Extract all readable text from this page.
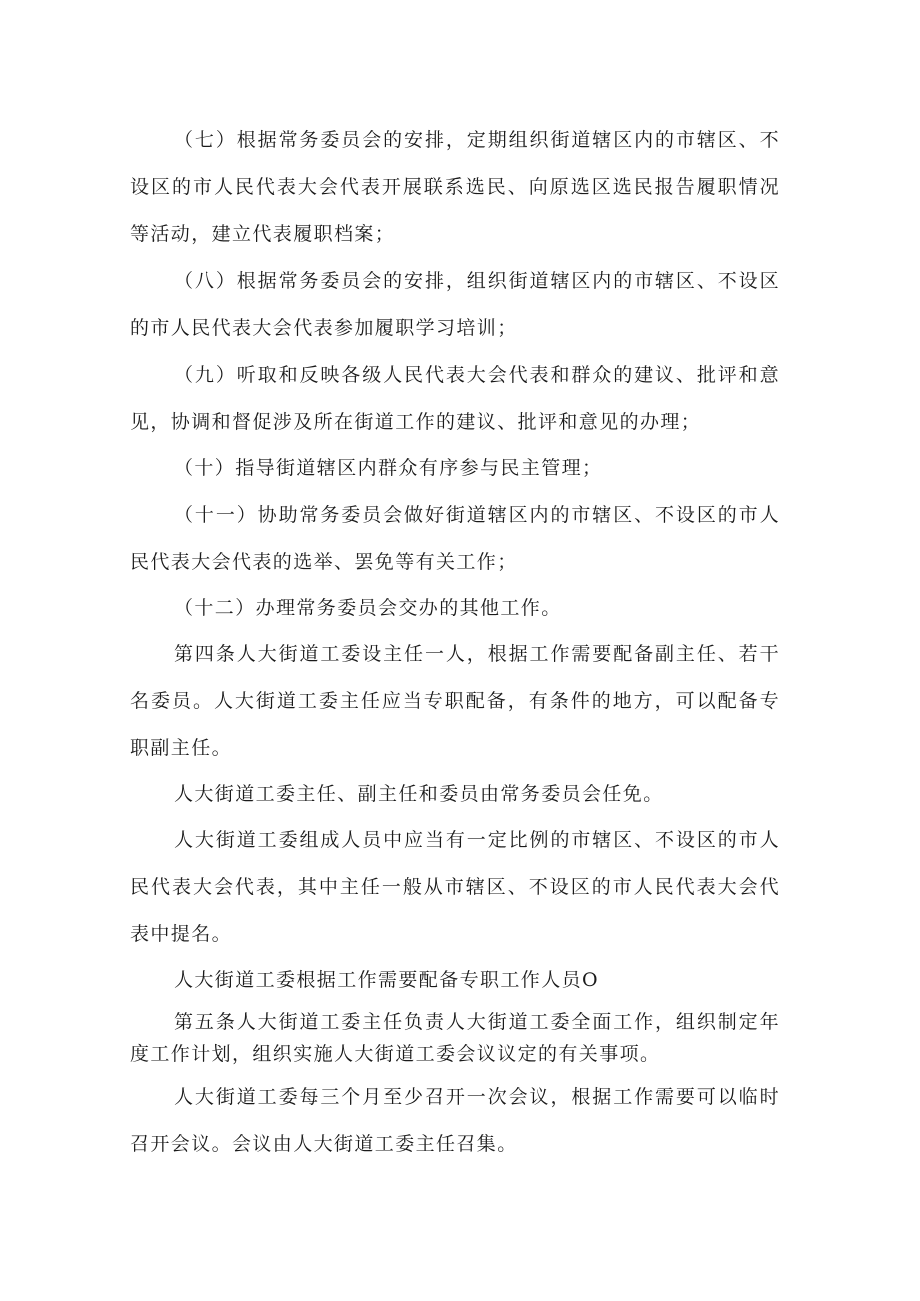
（七）根据常务委员会的安排，定期组织街道辖区内的市辖区、不设区的市人民代表大会代表开展联系选民、向原选区选民报告履职情况等活动，建立代表履职档案；

（八）根据常务委员会的安排，组织街道辖区内的市辖区、不设区的市人民代表大会代表参加履职学习培训；

（九）听取和反映各级人民代表大会代表和群众的建议、批评和意见，协调和督促涉及所在街道工作的建议、批评和意见的办理；

（十）指导街道辖区内群众有序参与民主管理；

（十一）协助常务委员会做好街道辖区内的市辖区、不设区的市人民代表大会代表的选举、罢免等有关工作；

（十二）办理常务委员会交办的其他工作。

第四条人大街道工委设主任一人，根据工作需要配备副主任、若干名委员。人大街道工委主任应当专职配备，有条件的地方，可以配备专职副主任。

人大街道工委主任、副主任和委员由常务委员会任免。

人大街道工委组成人员中应当有一定比例的市辖区、不设区的市人民代表大会代表，其中主任一般从市辖区、不设区的市人民代表大会代表中提名。

人大街道工委根据工作需要配备专职工作人员O

第五条人大街道工委主任负责人大街道工委全面工作，组织制定年度工作计划，组织实施人大街道工委会议议定的有关事项。

人大街道工委每三个月至少召开一次会议，根据工作需要可以临时召开会议。会议由人大街道工委主任召集。
